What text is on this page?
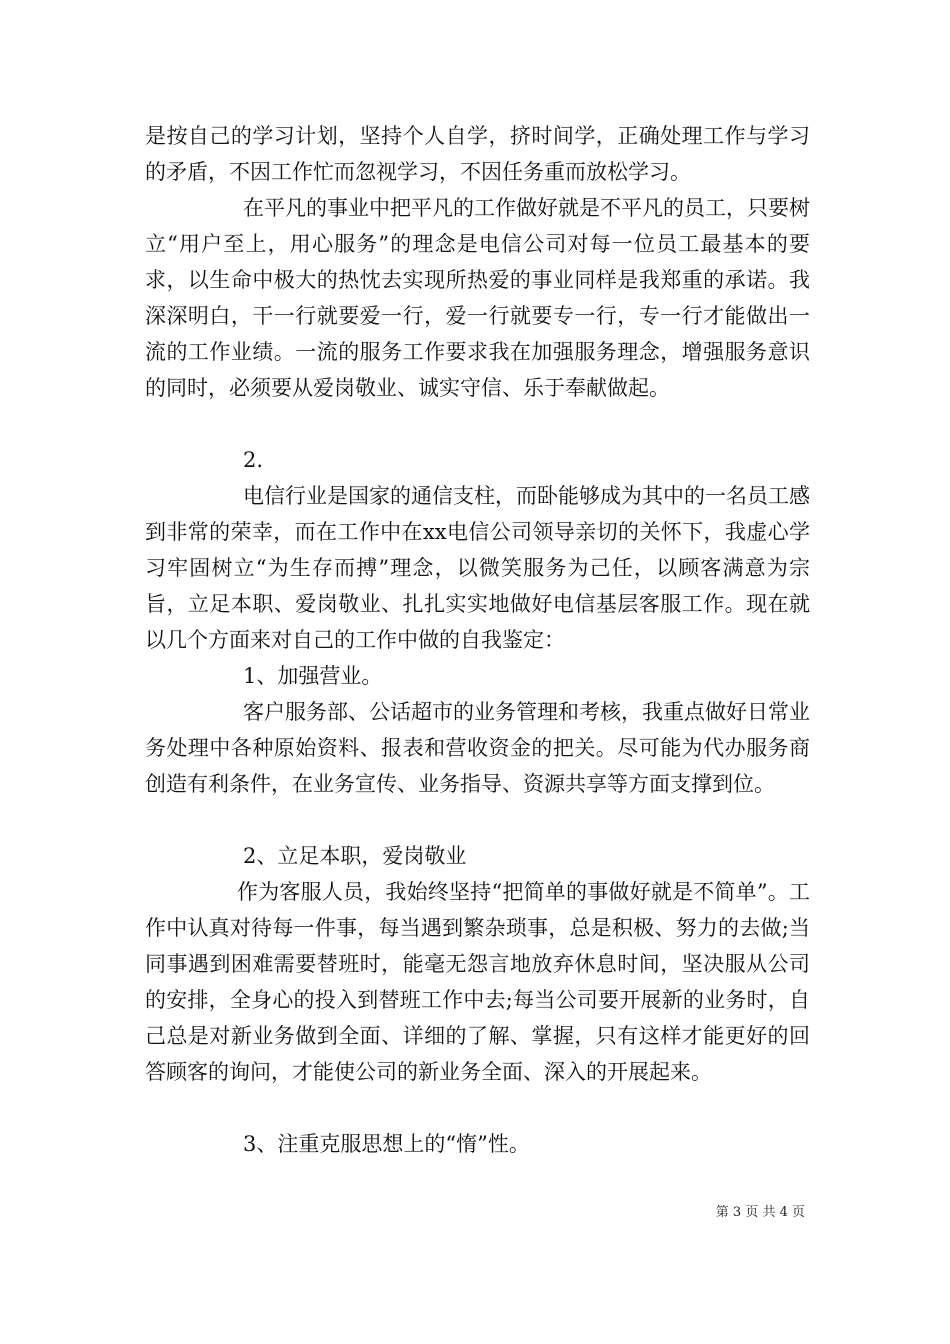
是按自己的学习计划，坚持个人自学，挤时间学，正确处理工作与学习的矛盾，不因工作忙而忽视学习，不因任务重而放松学习。

在平凡的事业中把平凡的工作做好就是不平凡的员工，只要树立“用户至上，用心服务”的理念是电信公司对每一位员工最基本的要求，以生命中极大的热忱去实现所热爱的事业同样是我郑重的承诺。我深深明白，干一行就要爱一行，爱一行就要专一行，专一行才能做出一流的工作业绩。一流的服务工作要求我在加强服务理念，增强服务意识的同时，必须要从爱岗敬业、诚实守信、乐于奉献做起。

2.

电信行业是国家的通信支柱，而卧能够成为其中的一名员工感到非常的荣幸，而在工作中在xx电信公司领导亲切的关怀下，我虚心学习牢固树立“为生存而搏”理念，以微笑服务为己任，以顾客满意为宗旨，立足本职、爱岗敬业、扎扎实实地做好电信基层客服工作。现在就以几个方面来对自己的工作中做的自我鉴定：

1、加强营业。

客户服务部、公话超市的业务管理和考核，我重点做好日常业务处理中各种原始资料、报表和营收资金的把关。尽可能为代办服务商创造有利条件，在业务宣传、业务指导、资源共享等方面支撑到位。

2、立足本职，爱岗敬业

作为客服人员，我始终坚持“把简单的事做好就是不简单”。工作中认真对待每一件事，每当遇到繁杂琐事，总是积极、努力的去做;当同事遇到困难需要替班时，能毫无怨言地放弃休息时间，坚决服从公司的安排，全身心的投入到替班工作中去;每当公司要开展新的业务时，自己总是对新业务做到全面、详细的了解、掌握，只有这样才能更好的回答顾客的询问，才能使公司的新业务全面、深入的开展起来。

3、注重克服思想上的“惰”性。

第 3 页 共 4 页
